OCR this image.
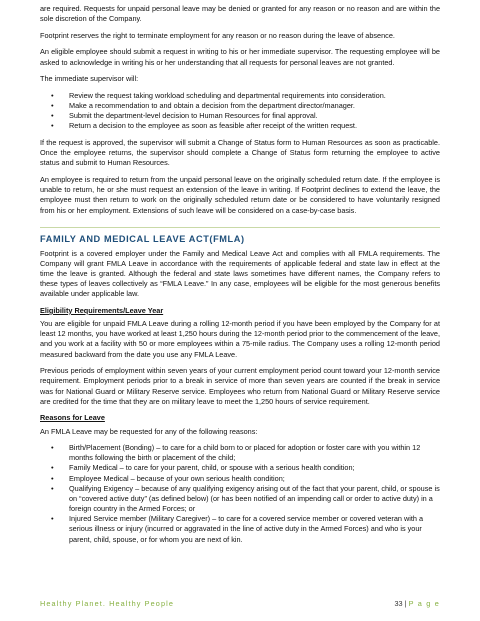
are required. Requests for unpaid personal leave may be denied or granted for any reason or no reason and are within the sole discretion of the Company.

Footprint reserves the right to terminate employment for any reason or no reason during the leave of absence.

An eligible employee should submit a request in writing to his or her immediate supervisor. The requesting employee will be asked to acknowledge in writing his or her understanding that all requests for personal leaves are not granted.

The immediate supervisor will:

• Review the request taking workload scheduling and departmental requirements into consideration.
• Make a recommendation to and obtain a decision from the department director/manager.
• Submit the department-level decision to Human Resources for final approval.
• Return a decision to the employee as soon as feasible after receipt of the written request.

If the request is approved, the supervisor will submit a Change of Status form to Human Resources as soon as practicable. Once the employee returns, the supervisor should complete a Change of Status form returning the employee to active status and submit to Human Resources.

An employee is required to return from the unpaid personal leave on the originally scheduled return date. If the employee is unable to return, he or she must request an extension of the leave in writing. If Footprint declines to extend the leave, the employee must then return to work on the originally scheduled return date or be considered to have voluntarily resigned from his or her employment. Extensions of such leave will be considered on a case-by-case basis.

FAMILY AND MEDICAL LEAVE ACT(FMLA)

Footprint is a covered employer under the Family and Medical Leave Act and complies with all FMLA requirements. The Company will grant FMLA Leave in accordance with the requirements of applicable federal and state law in effect at the time the leave is granted. Although the federal and state laws sometimes have different names, the Company refers to these types of leaves collectively as “FMLA Leave.” In any case, employees will be eligible for the most generous benefits available under applicable law.

Eligibility Requirements/Leave Year

You are eligible for unpaid FMLA Leave during a rolling 12-month period if you have been employed by the Company for at least 12 months, you have worked at least 1,250 hours during the 12-month period prior to the commencement of the leave, and you work at a facility with 50 or more employees within a 75-mile radius. The Company uses a rolling 12-month period measured backward from the date you use any FMLA Leave.

Previous periods of employment within seven years of your current employment period count toward your 12-month service requirement. Employment periods prior to a break in service of more than seven years are counted if the break in service was for National Guard or Military Reserve service. Employees who return from National Guard or Military Reserve service are credited for the time that they are on military leave to meet the 1,250 hours of service requirement.

Reasons for Leave

An FMLA Leave may be requested for any of the following reasons:

• Birth/Placement (Bonding) – to care for a child born to or placed for adoption or foster care with you within 12 months following the birth or placement of the child;
• Family Medical – to care for your parent, child, or spouse with a serious health condition;
• Employee Medical – because of your own serious health condition;
• Qualifying Exigency – because of any qualifying exigency arising out of the fact that your parent, child, or spouse is on “covered active duty” (as defined below) (or has been notified of an impending call or order to active duty) in a foreign country in the Armed Forces; or
• Injured Service member (Military Caregiver) – to care for a covered service member or covered veteran with a serious illness or injury (incurred or aggravated in the line of active duty in the Armed Forces) and who is your parent, child, spouse, or for whom you are next of kin.
Healthy Planet. Healthy People	33 | P a g e
